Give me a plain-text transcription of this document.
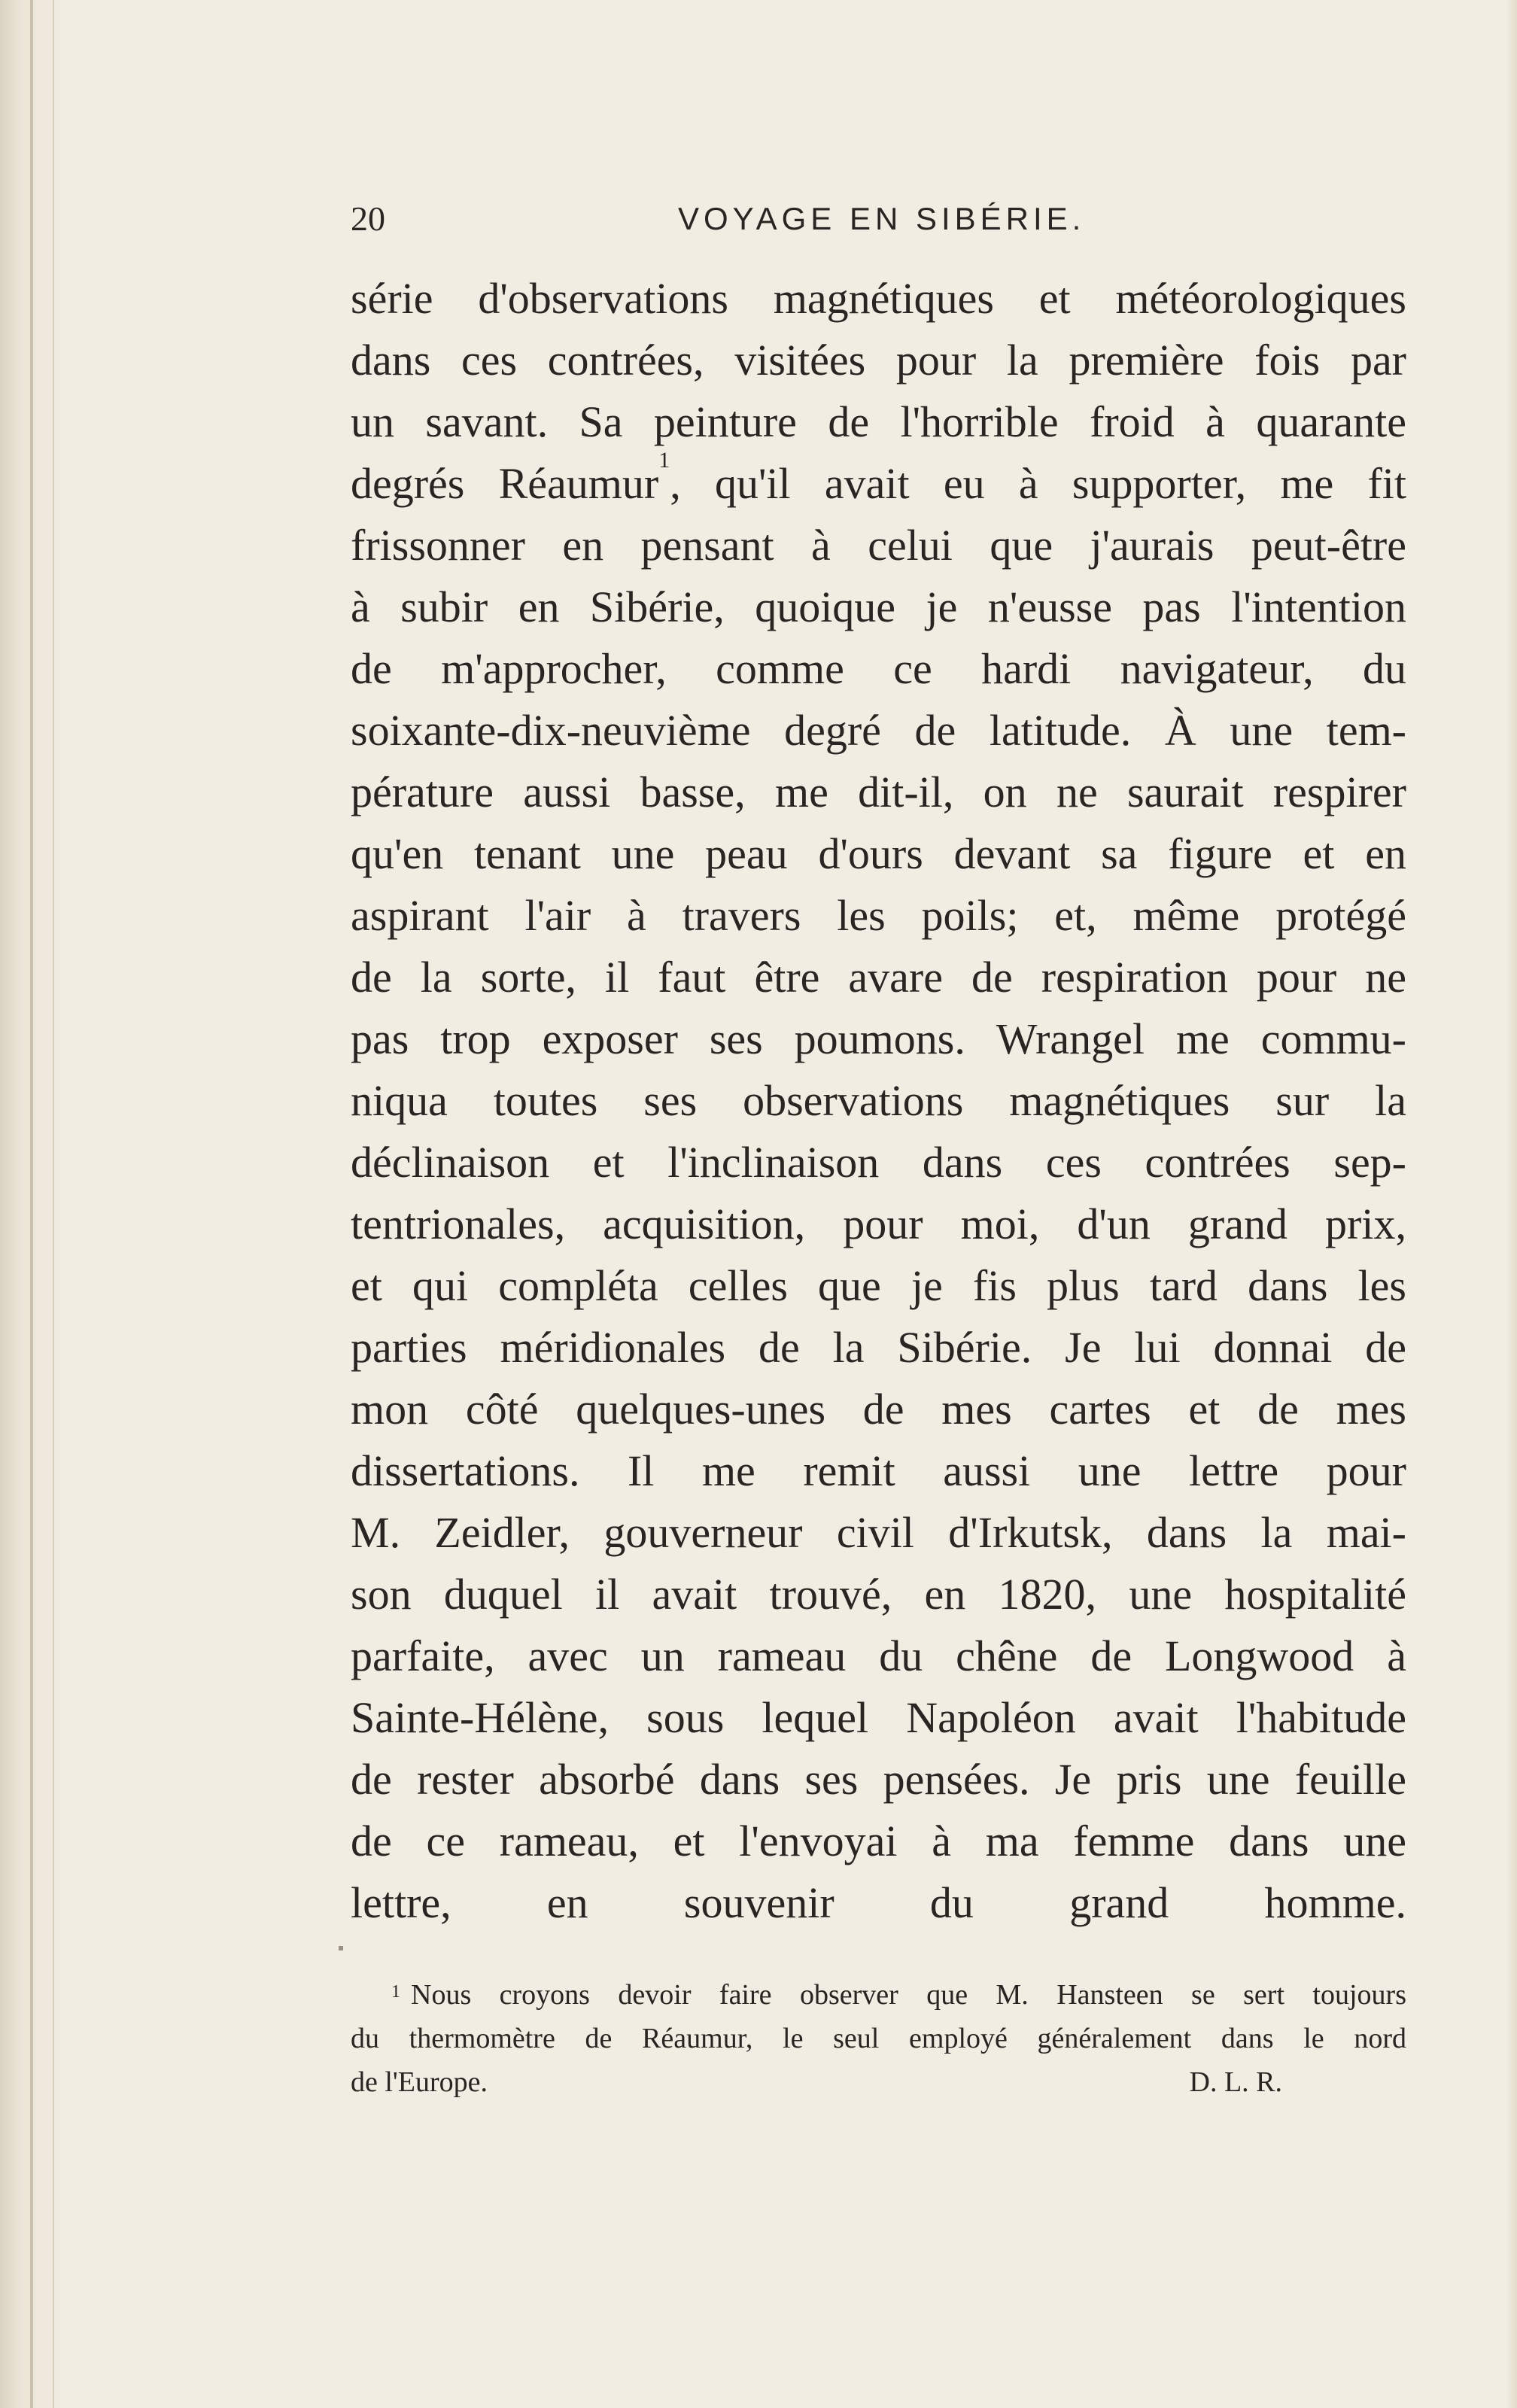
20	VOYAGE EN SIBÉRIE.
série d'observations magnétiques et météorologiques
dans ces contrées, visitées pour la première fois par
un savant. Sa peinture de l'horrible froid à quarante
degrés Réaumur$^1$, qu'il avait eu à supporter, me fit
frissonner en pensant à celui que j'aurais peut-être
à subir en Sibérie, quoique je n'eusse pas l'intention
de m'approcher, comme ce hardi navigateur, du
soixante-dix-neuvième degré de latitude. À une tem-
pérature aussi basse, me dit-il, on ne saurait respirer
qu'en tenant une peau d'ours devant sa figure et en
aspirant l'air à travers les poils; et, même protégé
de la sorte, il faut être avare de respiration pour ne
pas trop exposer ses poumons. Wrangel me commu-
niqua toutes ses observations magnétiques sur la
déclinaison et l'inclinaison dans ces contrées sep-
tentrionales, acquisition, pour moi, d'un grand prix,
et qui compléta celles que je fis plus tard dans les
parties méridionales de la Sibérie. Je lui donnai de
mon côté quelques-unes de mes cartes et de mes
dissertations. Il me remit aussi une lettre pour
M. Zeidler, gouverneur civil d'Irkutsk, dans la mai-
son duquel il avait trouvé, en 1820, une hospitalité
parfaite, avec un rameau du chêne de Longwood à
Sainte-Hélène, sous lequel Napoléon avait l'habitude
de rester absorbé dans ses pensées. Je pris une feuille
de ce rameau, et l'envoyai à ma femme dans une
lettre, en souvenir du grand homme.
$^1$ Nous croyons devoir faire observer que M. Hansteen se sert toujours
du thermomètre de Réaumur, le seul employé généralement dans le nord
de l'Europe.	D. L. R.
